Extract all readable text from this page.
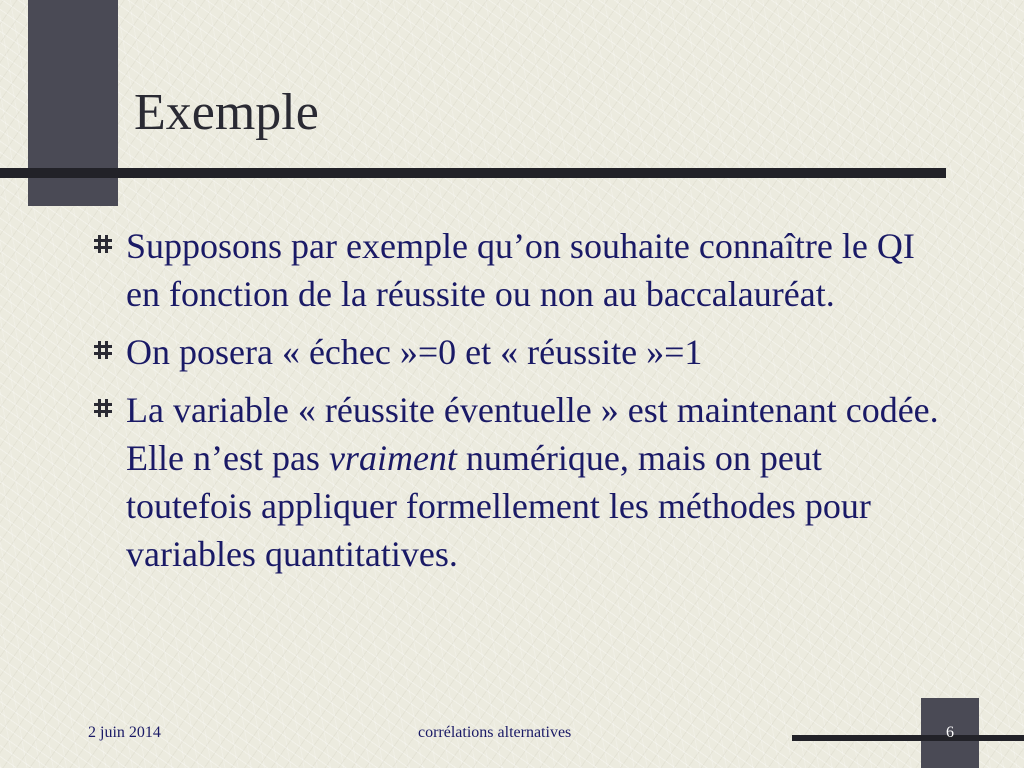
Exemple
Supposons par exemple qu’on souhaite connaître le QI en fonction de la réussite ou non au baccalauréat.
On posera « échec »=0 et « réussite »=1
La variable « réussite éventuelle » est maintenant codée. Elle n’est pas vraiment numérique, mais on peut toutefois appliquer formellement les méthodes pour variables quantitatives.
2 juin 2014	corrélations alternatives	6
